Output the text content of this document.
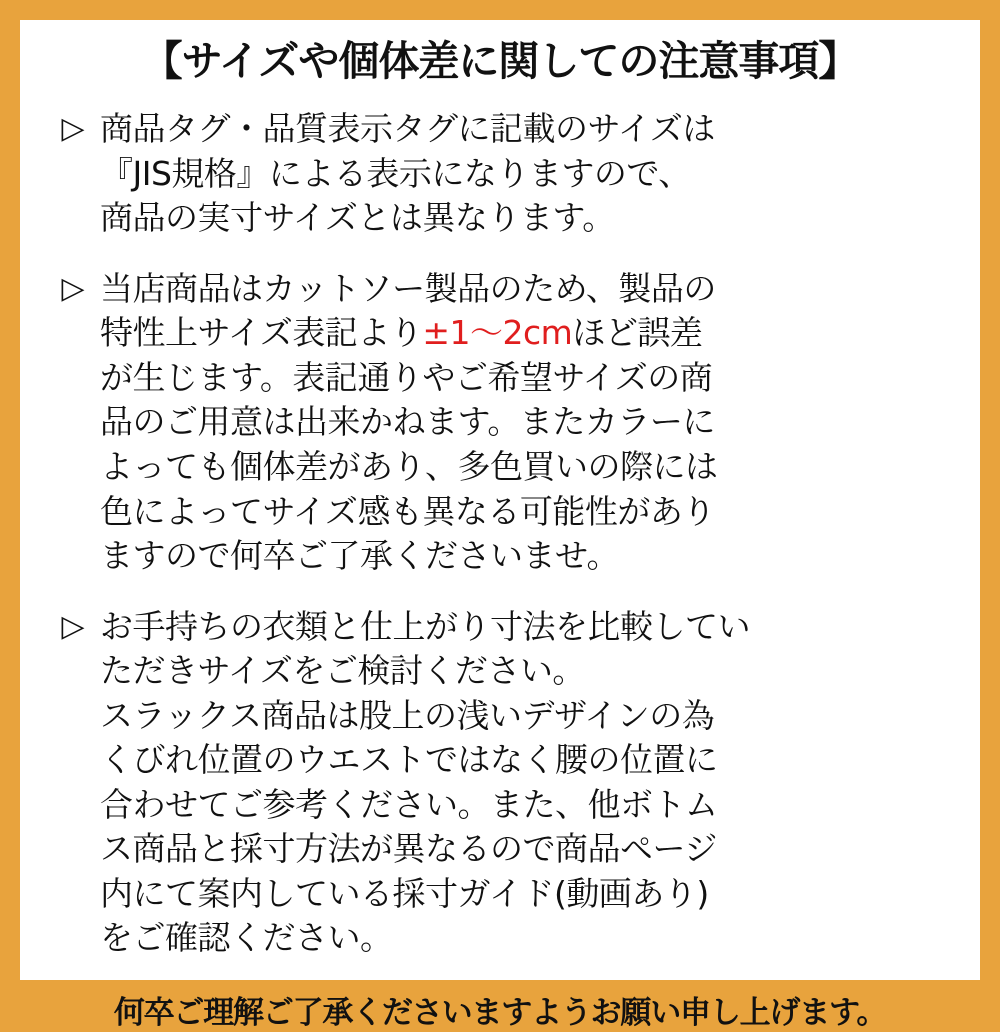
【サイズや個体差に関しての注意事項】
▷ 商品タグ・品質表示タグに記載のサイズは
『JIS規格』による表示になりますので、
商品の実寸サイズとは異なります。
▷ 当店商品はカットソー製品のため、製品の
特性上サイズ表記より±1〜2cmほど誤差
が生じます。表記通りやご希望サイズの商
品のご用意は出来かねます。またカラーに
よっても個体差があり、多色買いの際には
色によってサイズ感も異なる可能性があり
ますので何卒ご了承くださいませ。
▷ お手持ちの衣類と仕上がり寸法を比較してい
ただきサイズをご検討ください。
スラックス商品は股上の浅いデザインの為
くびれ位置のウエストではなく腰の位置に
合わせてご参考ください。また、他ボトム
ス商品と採寸方法が異なるので商品ページ
内にて案内している採寸ガイド(動画あり)
をご確認ください。
何卒ご理解ご了承くださいますようお願い申し上げます。
